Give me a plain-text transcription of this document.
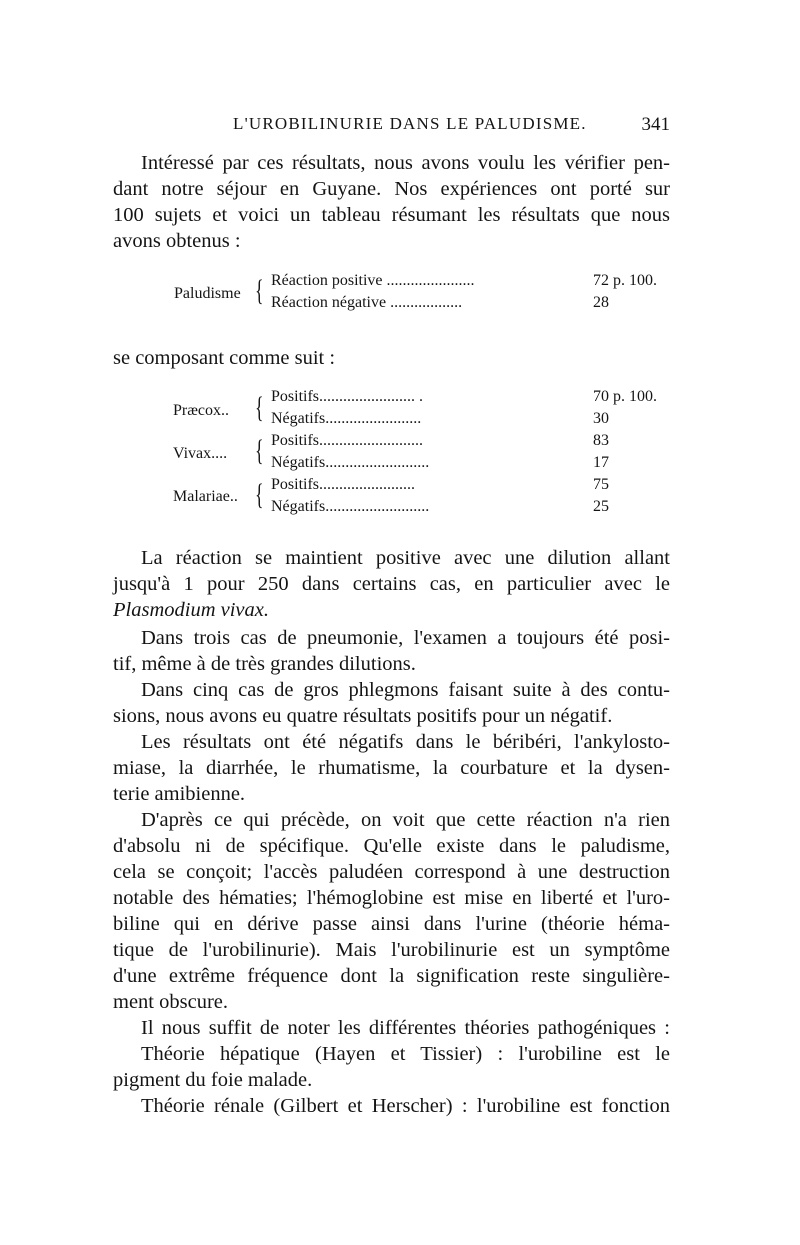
L'UROBILINURIE DANS LE PALUDISME.	341

Intéressé par ces résultats, nous avons voulu les vérifier pen-
dant notre séjour en Guyane. Nos expériences ont porté sur
100 sujets et voici un tableau résumant les résultats que nous
avons obtenus :

Paludisme { Réaction positive ......................	72 p. 100.
Réaction négative ..................	28

se composant comme suit :

Præcox.. { Positifs........................ .	70 p. 100.
Négatifs........................	30
Vivax.... { Positifs..........................	83
Négatifs..........................	17
Malariae.. { Positifs........................	75
Négatifs..........................	25

La réaction se maintient positive avec une dilution allant
jusqu'à 1 pour 250 dans certains cas, en particulier avec le
Plasmodium vivax.

Dans trois cas de pneumonie, l'examen a toujours été posi-
tif, même à de très grandes dilutions.

Dans cinq cas de gros phlegmons faisant suite à des contu-
sions, nous avons eu quatre résultats positifs pour un négatif.

Les résultats ont été négatifs dans le béribéri, l'ankylosto-
miase, la diarrhée, le rhumatisme, la courbature et la dysen-
terie amibienne.

D'après ce qui précède, on voit que cette réaction n'a rien
d'absolu ni de spécifique. Qu'elle existe dans le paludisme,
cela se conçoit; l'accès paludéen correspond à une destruction
notable des hématies; l'hémoglobine est mise en liberté et l'uro-
biline qui en dérive passe ainsi dans l'urine (théorie héma-
tique de l'urobilinurie). Mais l'urobilinurie est un symptôme
d'une extrême fréquence dont la signification reste singulière-
ment obscure.

Il nous suffit de noter les différentes théories pathogéniques :

Théorie hépatique (Hayen et Tissier) : l'urobiline est le
pigment du foie malade.

Théorie rénale (Gilbert et Herscher) : l'urobiline est fonction
